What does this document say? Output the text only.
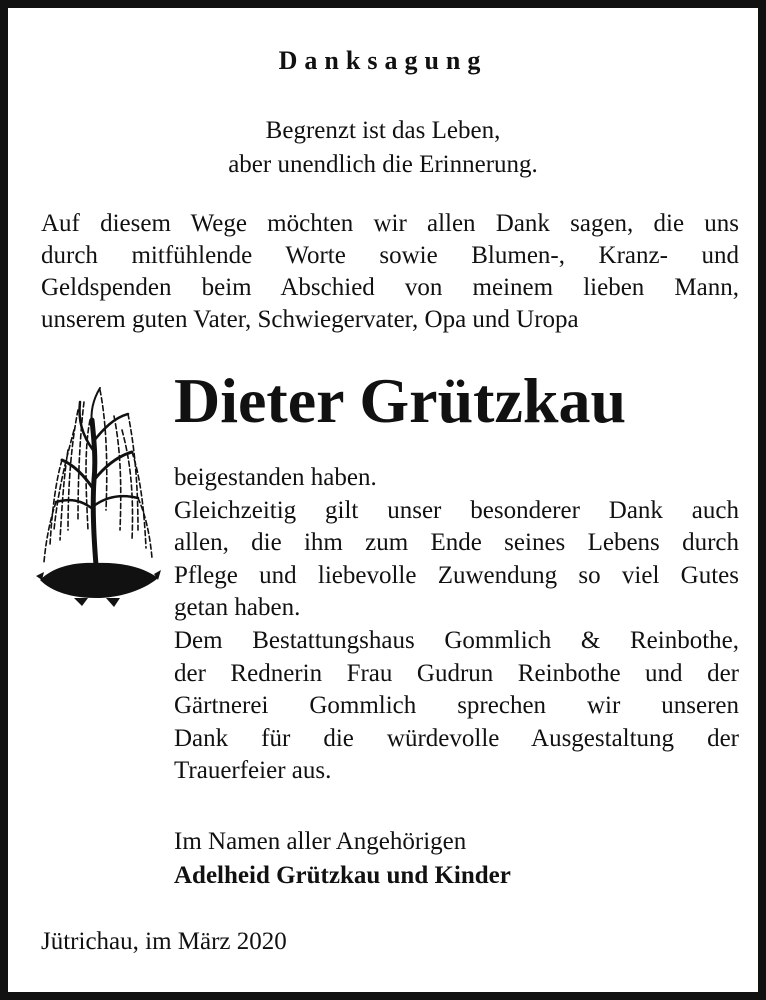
Danksagung
Begrenzt ist das Leben,
aber unendlich die Erinnerung.
Auf diesem Wege möchten wir allen Dank sagen, die uns
durch mitfühlende Worte sowie Blumen-, Kranz- und
Geldspenden beim Abschied von meinem lieben Mann,
unserem guten Vater, Schwiegervater, Opa und Uropa
Dieter Grützkau
beigestanden haben.
Gleichzeitig gilt unser besonderer Dank auch
allen, die ihm zum Ende seines Lebens durch
Pflege und liebevolle Zuwendung so viel Gutes
getan haben.
Dem Bestattungshaus Gommlich & Reinbothe,
der Rednerin Frau Gudrun Reinbothe und der
Gärtnerei Gommlich sprechen wir unseren
Dank für die würdevolle Ausgestaltung der
Trauerfeier aus.
Im Namen aller Angehörigen
Adelheid Grützkau und Kinder
Jütrichau, im März 2020
